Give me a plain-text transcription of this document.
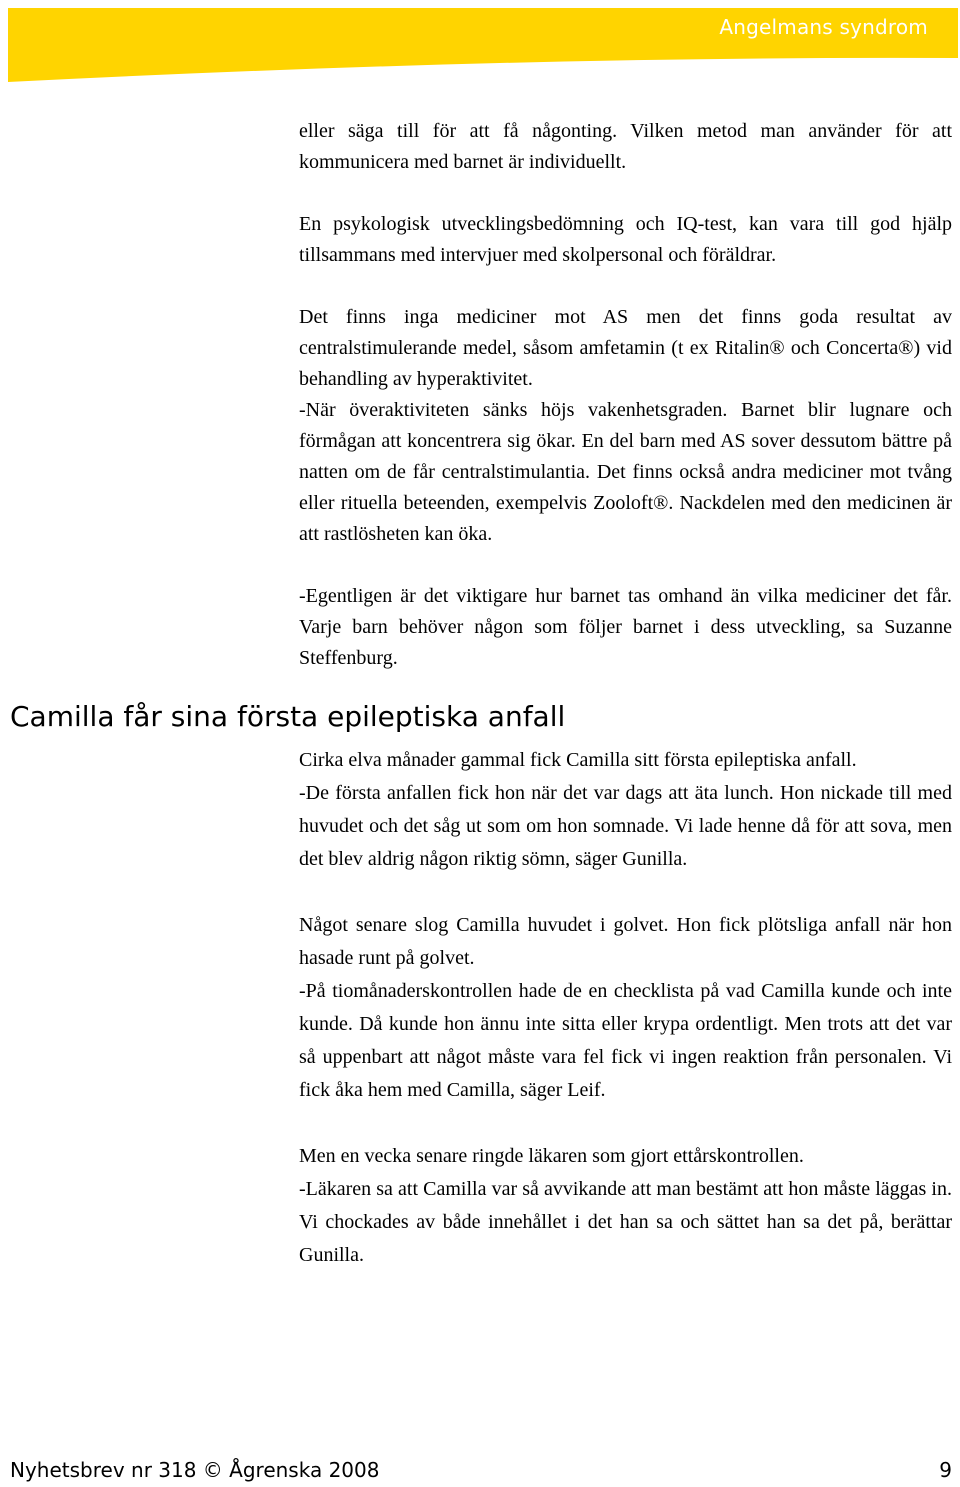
Angelmans syndrom

eller säga till för att få någonting. Vilken metod man använder för att kommunicera med barnet är individuellt.

En psykologisk utvecklingsbedömning och IQ-test, kan vara till god hjälp tillsammans med intervjuer med skolpersonal och föräldrar.

Det finns inga mediciner mot AS men det finns goda resultat av centralstimulerande medel, såsom amfetamin (t ex Ritalin® och Concerta®) vid behandling av hyperaktivitet.

-När överaktiviteten sänks höjs vakenhetsgraden. Barnet blir lugnare och förmågan att koncentrera sig ökar. En del barn med AS sover dessutom bättre på natten om de får centralstimulantia. Det finns också andra mediciner mot tvång eller rituella beteenden, exempelvis Zooloft®. Nackdelen med den medicinen är att rastlösheten kan öka.

-Egentligen är det viktigare hur barnet tas omhand än vilka mediciner det får. Varje barn behöver någon som följer barnet i dess utveckling, sa Suzanne Steffenburg.

Camilla får sina första epileptiska anfall

Cirka elva månader gammal fick Camilla sitt första epileptiska anfall.

-De första anfallen fick hon när det var dags att äta lunch. Hon nickade till med huvudet och det såg ut som om hon somnade. Vi lade henne då för att sova, men det blev aldrig någon riktig sömn, säger Gunilla.

Något senare slog Camilla huvudet i golvet. Hon fick plötsliga anfall när hon hasade runt på golvet.

-På tiomånaderskontrollen hade de en checklista på vad Camilla kunde och inte kunde. Då kunde hon ännu inte sitta eller krypa ordentligt. Men trots att det var så uppenbart att något måste vara fel fick vi ingen reaktion från personalen. Vi fick åka hem med Camilla, säger Leif.

Men en vecka senare ringde läkaren som gjort ettårskontrollen.

-Läkaren sa att Camilla var så avvikande att man bestämt att hon måste läggas in. Vi chockades av både innehållet i det han sa och sättet han sa det på, berättar Gunilla.

Nyhetsbrev nr 318 © Ågrenska 2008	9
